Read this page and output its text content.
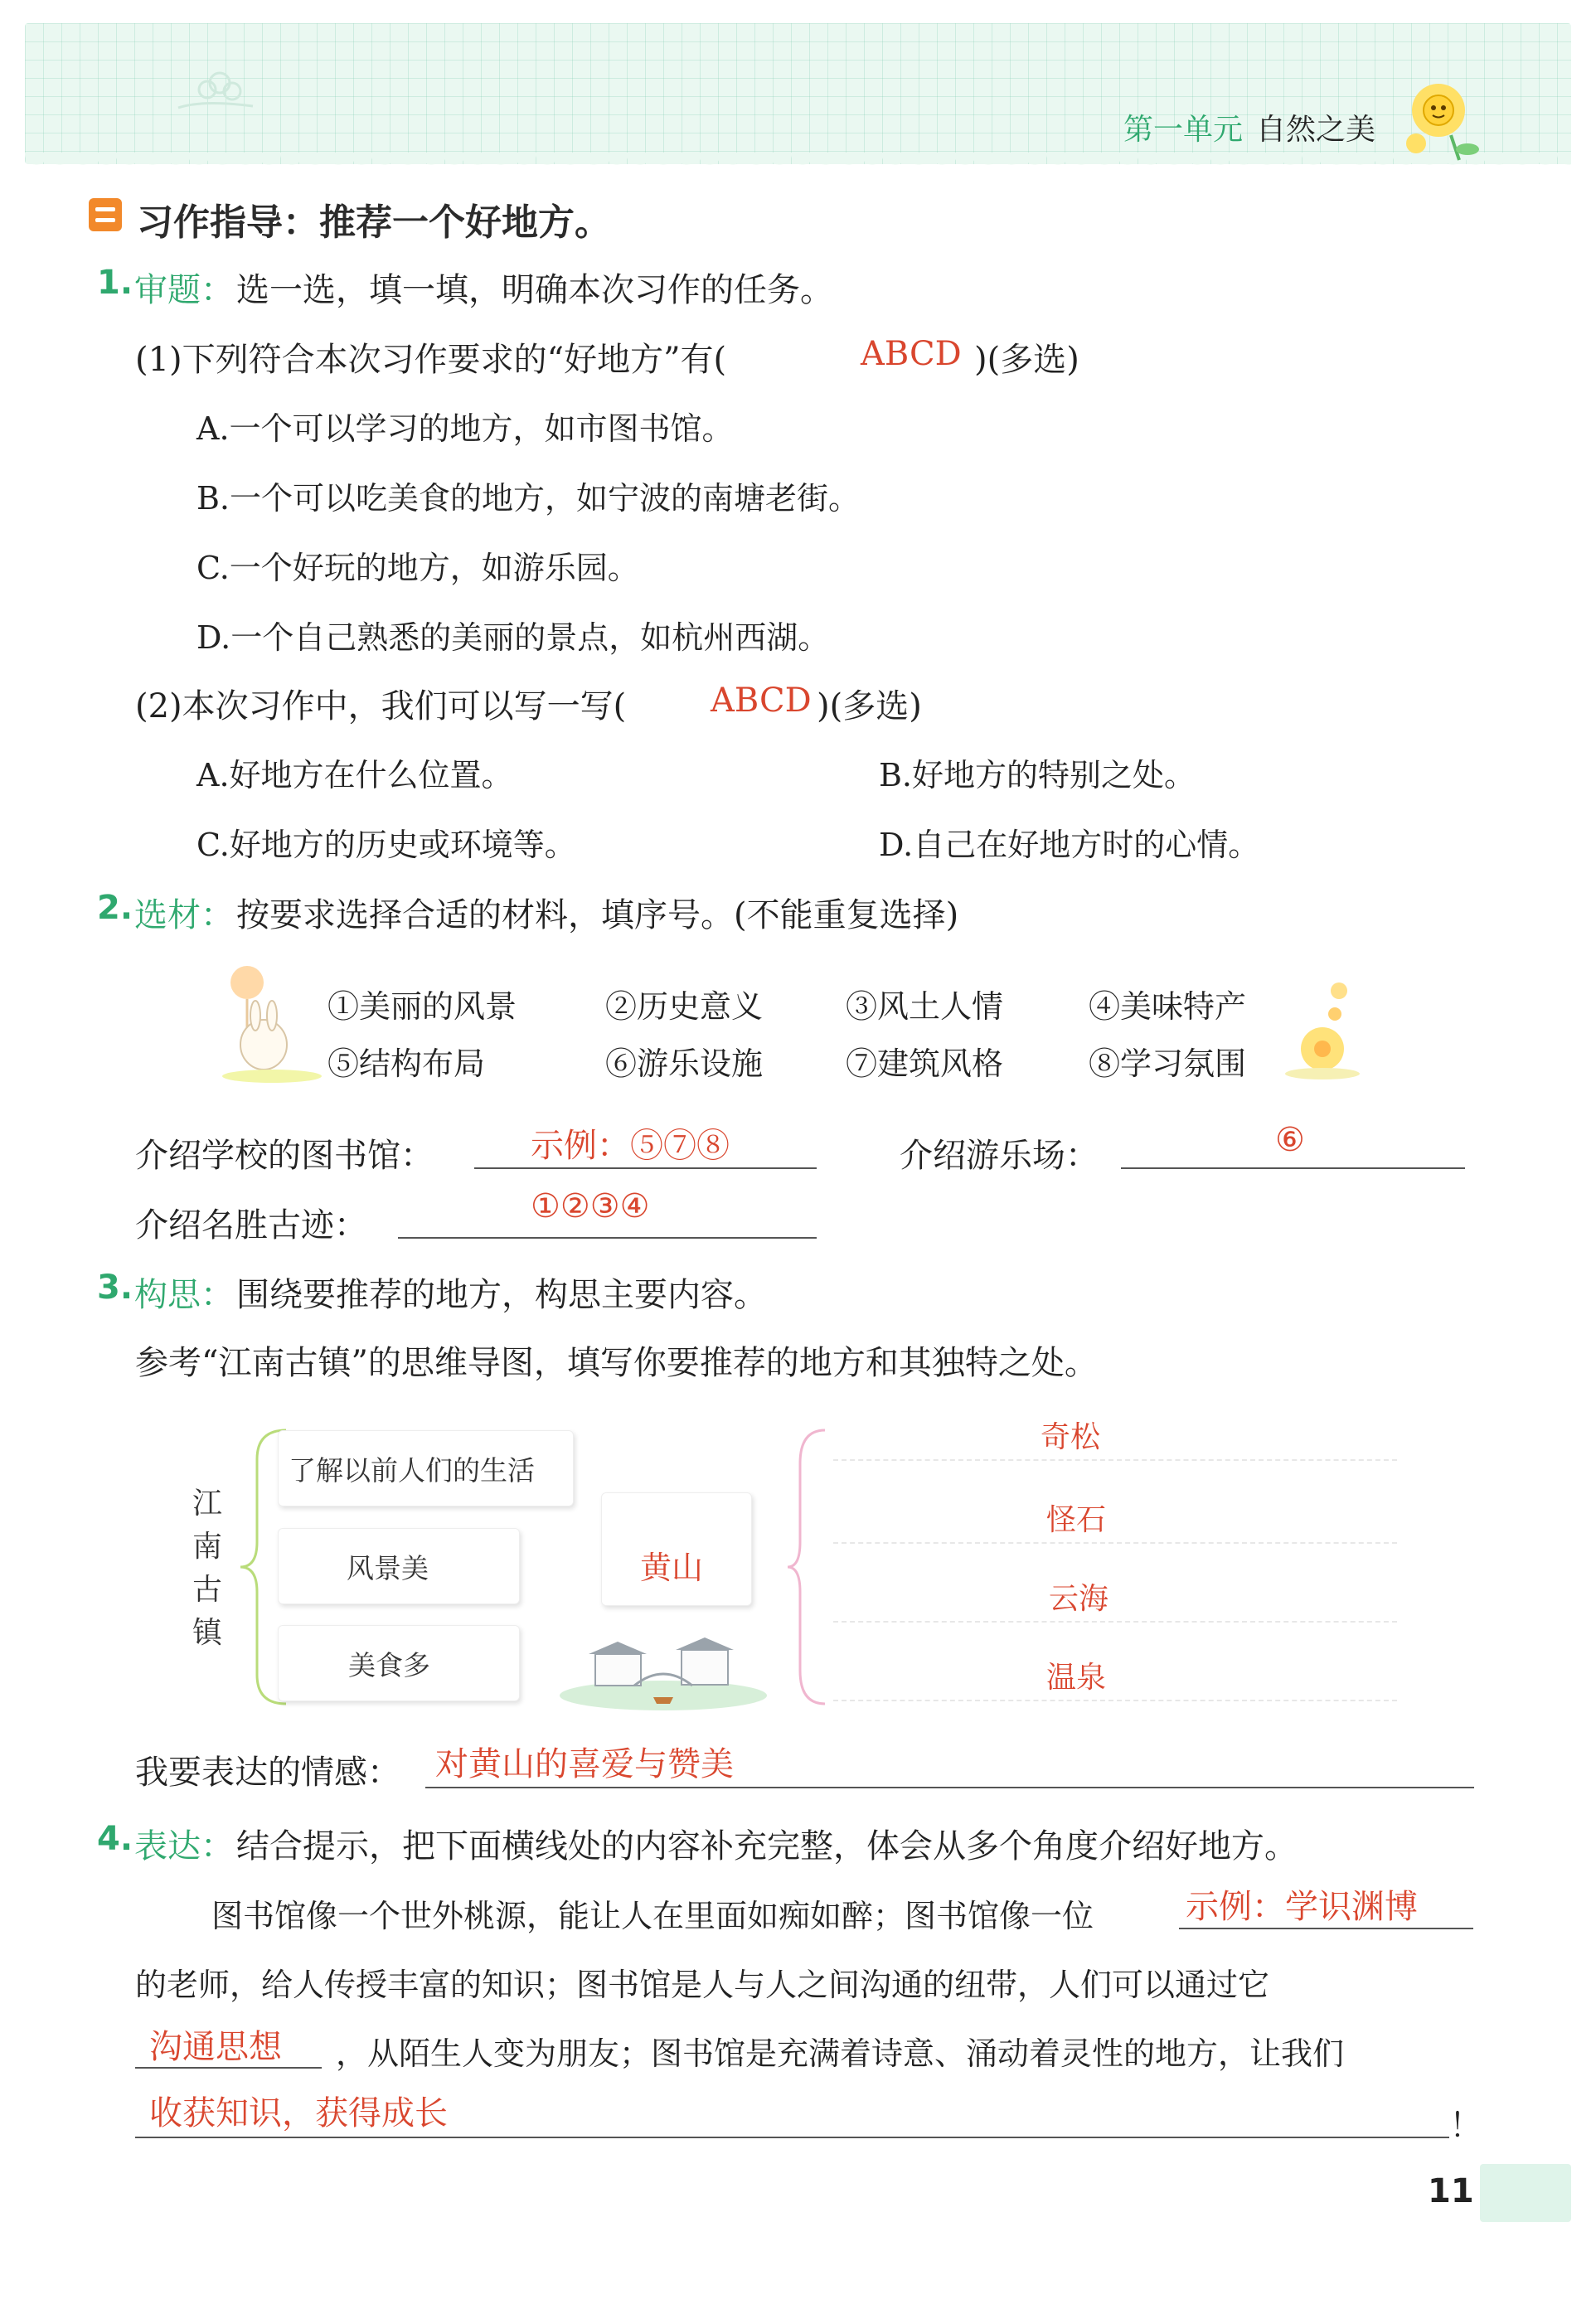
第一单元 自然之美
习作指导：推荐一个好地方。
1. 审题： 选一选，填一填，明确本次习作的任务。
(1)下列符合本次习作要求的“好地方”有(	ABCD )(多选)
A.一个可以学习的地方，如市图书馆。
B.一个可以吃美食的地方，如宁波的南塘老街。
C.一个好玩的地方，如游乐园。
D.一个自己熟悉的美丽的景点，如杭州西湖。
(2)本次习作中，我们可以写一写(	ABCD )(多选)
A.好地方在什么位置。	B.好地方的特别之处。
C.好地方的历史或环境等。	D.自己在好地方时的心情。
2. 选材： 按要求选择合适的材料，填序号。(不能重复选择)
①美丽的风景	②历史意义	③风土人情	④美味特产
⑤结构布局	⑥游乐设施	⑦建筑风格	⑧学习氛围
介绍学校的图书馆：	示例：⑤⑦⑧	介绍游乐场：	⑥
介绍名胜古迹：	①②③④
3. 构思： 围绕要推荐的地方，构思主要内容。
参考“江南古镇”的思维导图，填写你要推荐的地方和其独特之处。
江
南
古
镇
了解以前人们的生活
风景美
美食多
黄山
奇松
怪石
云海
温泉
我要表达的情感： 对黄山的喜爱与赞美
4. 表达： 结合提示，把下面横线处的内容补充完整，体会从多个角度介绍好地方。
图书馆像一个世外桃源，能让人在里面如痴如醉；图书馆像一位	示例：学识渊博
的老师，给人传授丰富的知识；图书馆是人与人之间沟通的纽带，人们可以通过它
沟通思想 ，从陌生人变为朋友；图书馆是充满着诗意、涌动着灵性的地方，让我们
收获知识，获得成长	！
11
